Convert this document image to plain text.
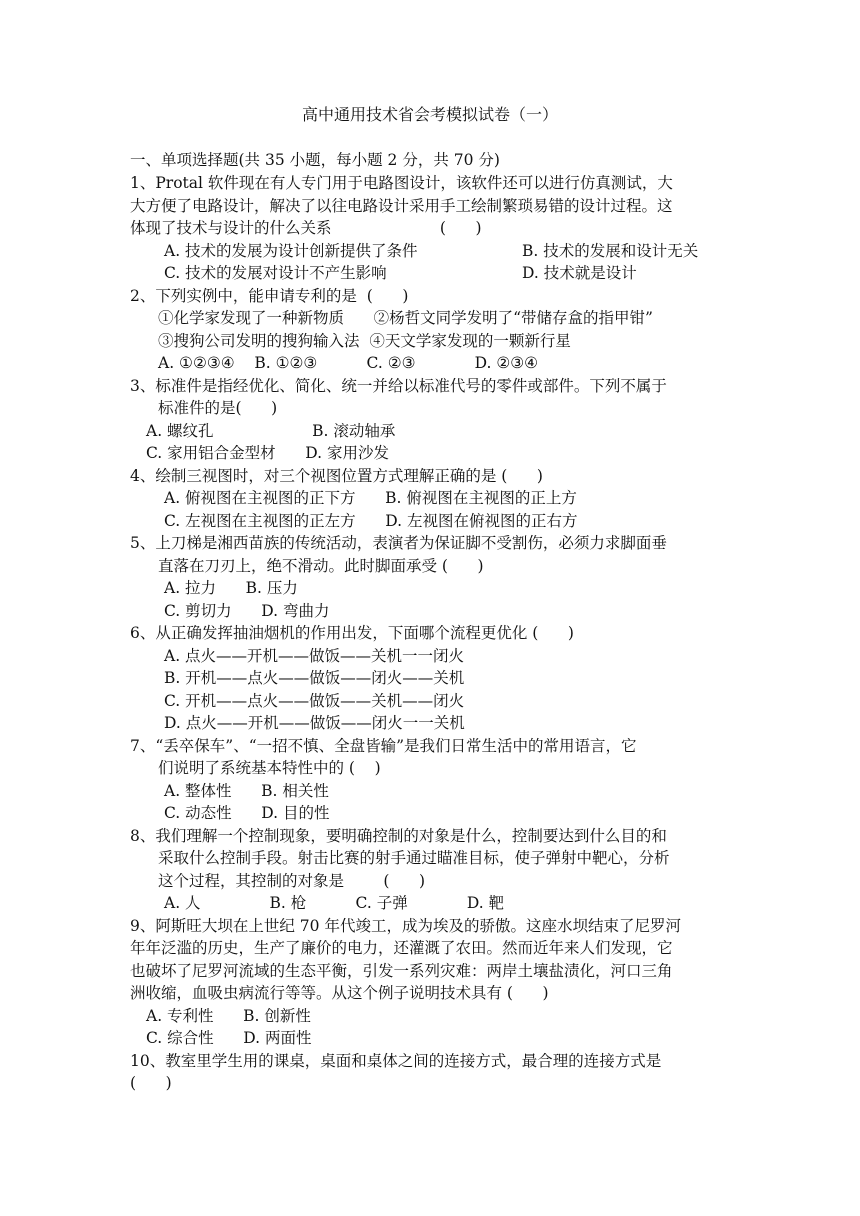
高中通用技术省会考模拟试卷（一）
一、单项选择题(共 35 小题，每小题 2 分，共 70 分)
1、Protal 软件现在有人专门用于电路图设计，该软件还可以进行仿真测试，大
大方便了电路设计，解决了以往电路设计采用手工绘制繁琐易错的设计过程。这
体现了技术与设计的什么关系                      (      )
A. 技术的发展为设计创新提供了条件	B. 技术的发展和设计无关
C. 技术的发展对设计不产生影响	D. 技术就是设计
2、下列实例中，能申请专利的是  (      )
①化学家发现了一种新物质      ②杨哲文同学发明了“带储存盒的指甲钳”
③搜狗公司发明的搜狗输入法  ④天文学家发现的一颗新行星
A. ①②③④    B. ①②③          C. ②③            D. ②③④
3、标准件是指经优化、简化、统一并给以标准代号的零件或部件。下列不属于
标准件的是(      )
A. 螺纹孔                    B. 滚动轴承
C. 家用铝合金型材      D. 家用沙发
4、绘制三视图时，对三个视图位置方式理解正确的是 (      )
A. 俯视图在主视图的正下方      B. 俯视图在主视图的正上方
C. 左视图在主视图的正左方      D. 左视图在俯视图的正右方
5、上刀梯是湘西苗族的传统活动，表演者为保证脚不受割伤，必须力求脚面垂
直落在刀刃上，绝不滑动。此时脚面承受 (      )
A. 拉力      B. 压力
C. 剪切力      D. 弯曲力
6、从正确发挥抽油烟机的作用出发，下面哪个流程更优化 (      )
A. 点火——开机——做饭——关机一一闭火
B. 开机——点火——做饭——闭火——关机
C. 开机——点火——做饭——关机——闭火
D. 点火——开机——做饭——闭火一一关机
7、“丢卒保车”、“一招不慎、全盘皆输”是我们日常生活中的常用语言，它
们说明了系统基本特性中的 (    )
A. 整体性      B. 相关性
C. 动态性      D. 目的性
8、我们理解一个控制现象，要明确控制的对象是什么，控制要达到什么目的和
采取什么控制手段。射击比赛的射手通过瞄准目标，使子弹射中靶心，分析
这个过程，其控制的对象是        (      )
A. 人              B. 枪          C. 子弹            D. 靶
9、阿斯旺大坝在上世纪 70 年代竣工，成为埃及的骄傲。这座水坝结束了尼罗河
年年泛滥的历史，生产了廉价的电力，还灌溉了农田。然而近年来人们发现，它
也破坏了尼罗河流域的生态平衡，引发一系列灾难：两岸土壤盐渍化，河口三角
洲收缩，血吸虫病流行等等。从这个例子说明技术具有 (      )
A. 专利性      B. 创新性
C. 综合性      D. 两面性
10、教室里学生用的课桌，桌面和桌体之间的连接方式，最合理的连接方式是
(      )
